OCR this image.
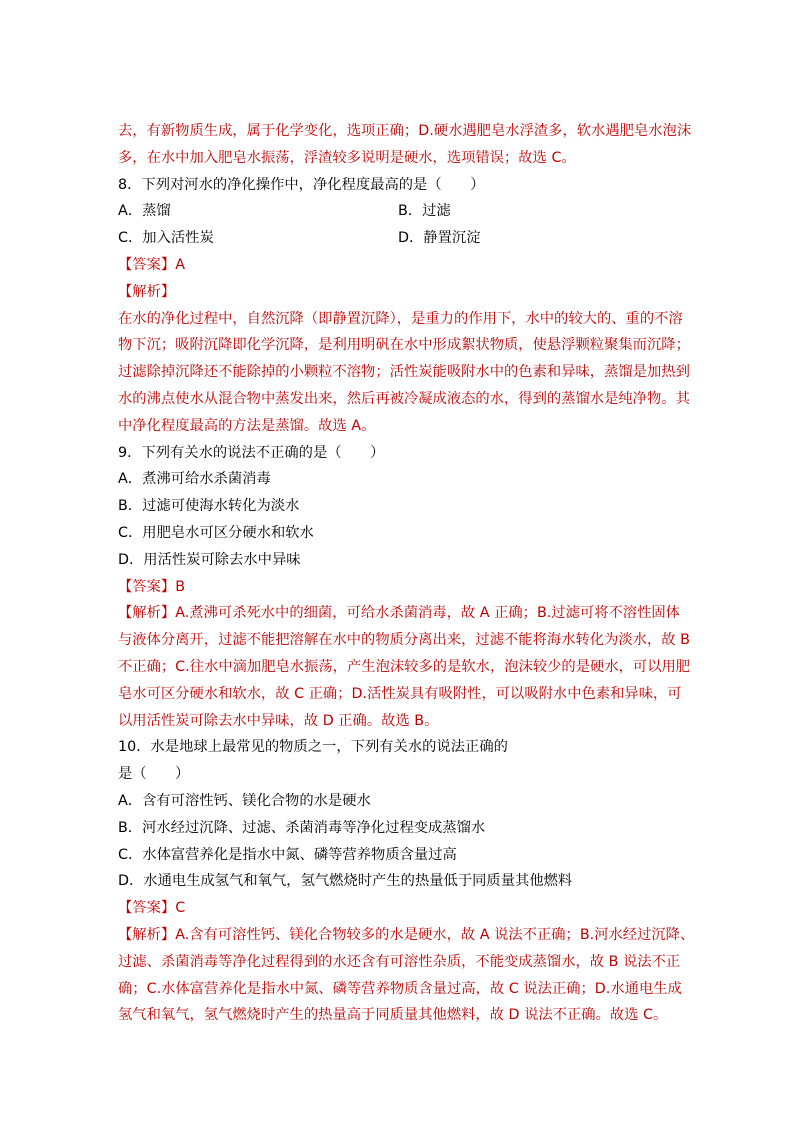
去，有新物质生成，属于化学变化，选项正确；D.硬水遇肥皂水浮渣多，软水遇肥皂水泡沫
多，在水中加入肥皂水振荡，浮渣较多说明是硬水，选项错误；故选 C。
8．下列对河水的净化操作中，净化程度最高的是（　　）
A．蒸馏	B．过滤
C．加入活性炭	D．静置沉淀
【答案】A
【解析】
在水的净化过程中，自然沉降（即静置沉降），是重力的作用下，水中的较大的、重的不溶
物下沉；吸附沉降即化学沉降，是利用明矾在水中形成絮状物质，使悬浮颗粒聚集而沉降；
过滤除掉沉降还不能除掉的小颗粒不溶物；活性炭能吸附水中的色素和异味，蒸馏是加热到
水的沸点使水从混合物中蒸发出来，然后再被冷凝成液态的水，得到的蒸馏水是纯净物。其
中净化程度最高的方法是蒸馏。故选 A。
9．下列有关水的说法不正确的是（　　）
A．煮沸可给水杀菌消毒
B．过滤可使海水转化为淡水
C．用肥皂水可区分硬水和软水
D．用活性炭可除去水中异味
【答案】B
【解析】A.煮沸可杀死水中的细菌，可给水杀菌消毒，故 A 正确；B.过滤可将不溶性固体
与液体分离开，过滤不能把溶解在水中的物质分离出来，过滤不能将海水转化为淡水，故 B
不正确；C.往水中滴加肥皂水振荡，产生泡沫较多的是软水，泡沫较少的是硬水，可以用肥
皂水可区分硬水和软水，故 C 正确；D.活性炭具有吸附性，可以吸附水中色素和异味，可
以用活性炭可除去水中异味，故 D 正确。故选 B。
10．水是地球上最常见的物质之一，下列有关水的说法正确的
是（　　）
A．含有可溶性钙、镁化合物的水是硬水
B．河水经过沉降、过滤、杀菌消毒等净化过程变成蒸馏水
C．水体富营养化是指水中氮、磷等营养物质含量过高
D．水通电生成氢气和氧气，氢气燃烧时产生的热量低于同质量其他燃料
【答案】C
【解析】A.含有可溶性钙、镁化合物较多的水是硬水，故 A 说法不正确；B.河水经过沉降、
过滤、杀菌消毒等净化过程得到的水还含有可溶性杂质，不能变成蒸馏水，故 B 说法不正
确；C.水体富营养化是指水中氮、磷等营养物质含量过高，故 C 说法正确；D.水通电生成
氢气和氧气，氢气燃烧时产生的热量高于同质量其他燃料，故 D 说法不正确。故选 C。
